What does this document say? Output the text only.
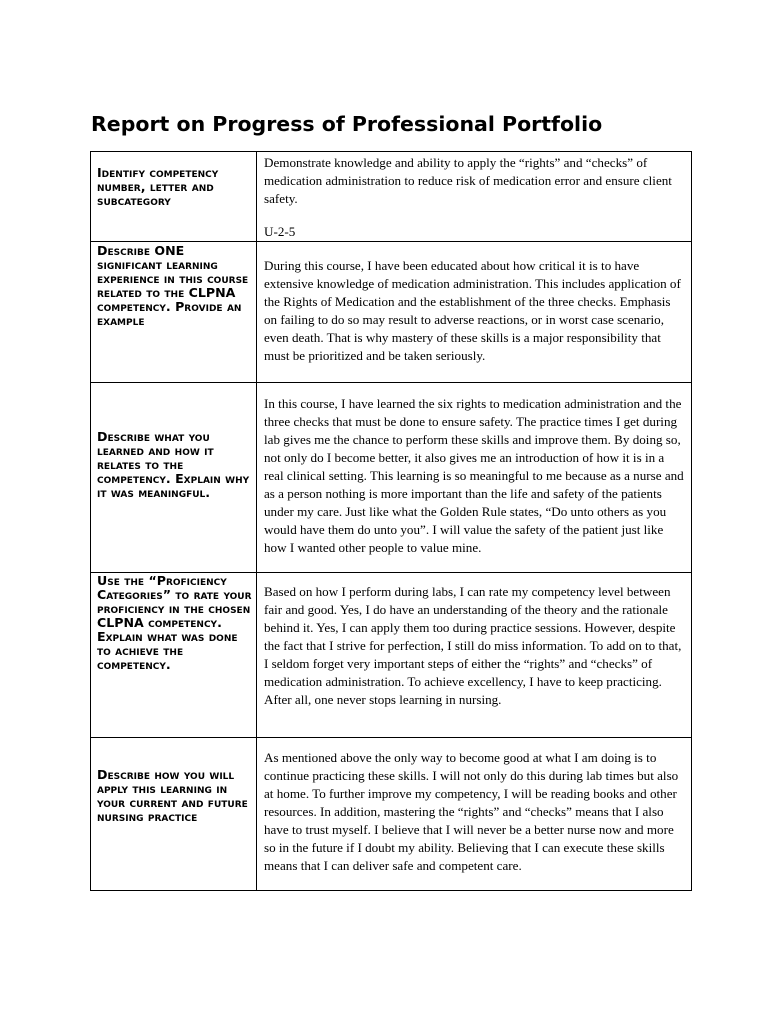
Report on Progress of Professional Portfolio
Identify competency number, letter and subcategory	Demonstrate knowledge and ability to apply the “rights” and “checks” of medication administration to reduce risk of medication error and ensure client safety.

U-2-5

Describe ONE significant learning experience in this course related to the CLPNA competency. Provide an example	During this course, I have been educated about how critical it is to have extensive knowledge of medication administration. This includes application of the Rights of Medication and the establishment of the three checks. Emphasis on failing to do so may result to adverse reactions, or in worst case scenario, even death. That is why mastery of these skills is a major responsibility that must be prioritized and be taken seriously.

Describe what you learned and how it relates to the competency. Explain why it was meaningful.	In this course, I have learned the six rights to medication administration and the three checks that must be done to ensure safety. The practice times I get during lab gives me the chance to perform these skills and improve them. By doing so, not only do I become better, it also gives me an introduction of how it is in a real clinical setting. This learning is so meaningful to me because as a nurse and as a person nothing is more important than the life and safety of the patients under my care. Just like what the Golden Rule states, “Do unto others as you would have them do unto you”. I will value the safety of the patient just like how I wanted other people to value mine.

Use the “Proficiency Categories” to rate your proficiency in the chosen CLPNA competency. Explain what was done to achieve the competency.	Based on how I perform during labs, I can rate my competency level between fair and good. Yes, I do have an understanding of the theory and the rationale behind it. Yes, I can apply them too during practice sessions. However, despite the fact that I strive for perfection, I still do miss information. To add on to that, I seldom forget very important steps of either the “rights” and “checks” of medication administration. To achieve excellency, I have to keep practicing. After all, one never stops learning in nursing.

Describe how you will apply this learning in your current and future nursing practice	As mentioned above the only way to become good at what I am doing is to continue practicing these skills. I will not only do this during lab times but also at home. To further improve my competency, I will be reading books and other resources. In addition, mastering the “rights” and “checks” means that I also have to trust myself. I believe that I will never be a better nurse now and more so in the future if I doubt my ability. Believing that I can execute these skills means that I can deliver safe and competent care.
